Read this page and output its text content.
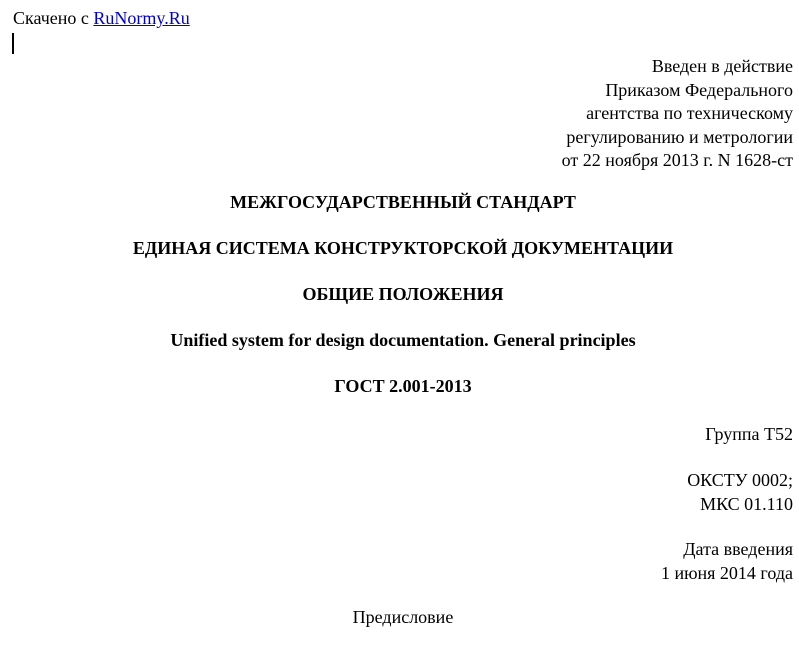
Скачено с RuNormy.Ru
Введен в действие
Приказом Федерального
агентства по техническому
регулированию и метрологии
от 22 ноября 2013 г. N 1628-ст
МЕЖГОСУДАРСТВЕННЫЙ СТАНДАРТ
ЕДИНАЯ СИСТЕМА КОНСТРУКТОРСКОЙ ДОКУМЕНТАЦИИ
ОБЩИЕ ПОЛОЖЕНИЯ
Unified system for design documentation. General principles
ГОСТ 2.001-2013
Группа Т52
ОКСТУ 0002;
МКС 01.110
Дата введения
1 июня 2014 года
Предисловие
